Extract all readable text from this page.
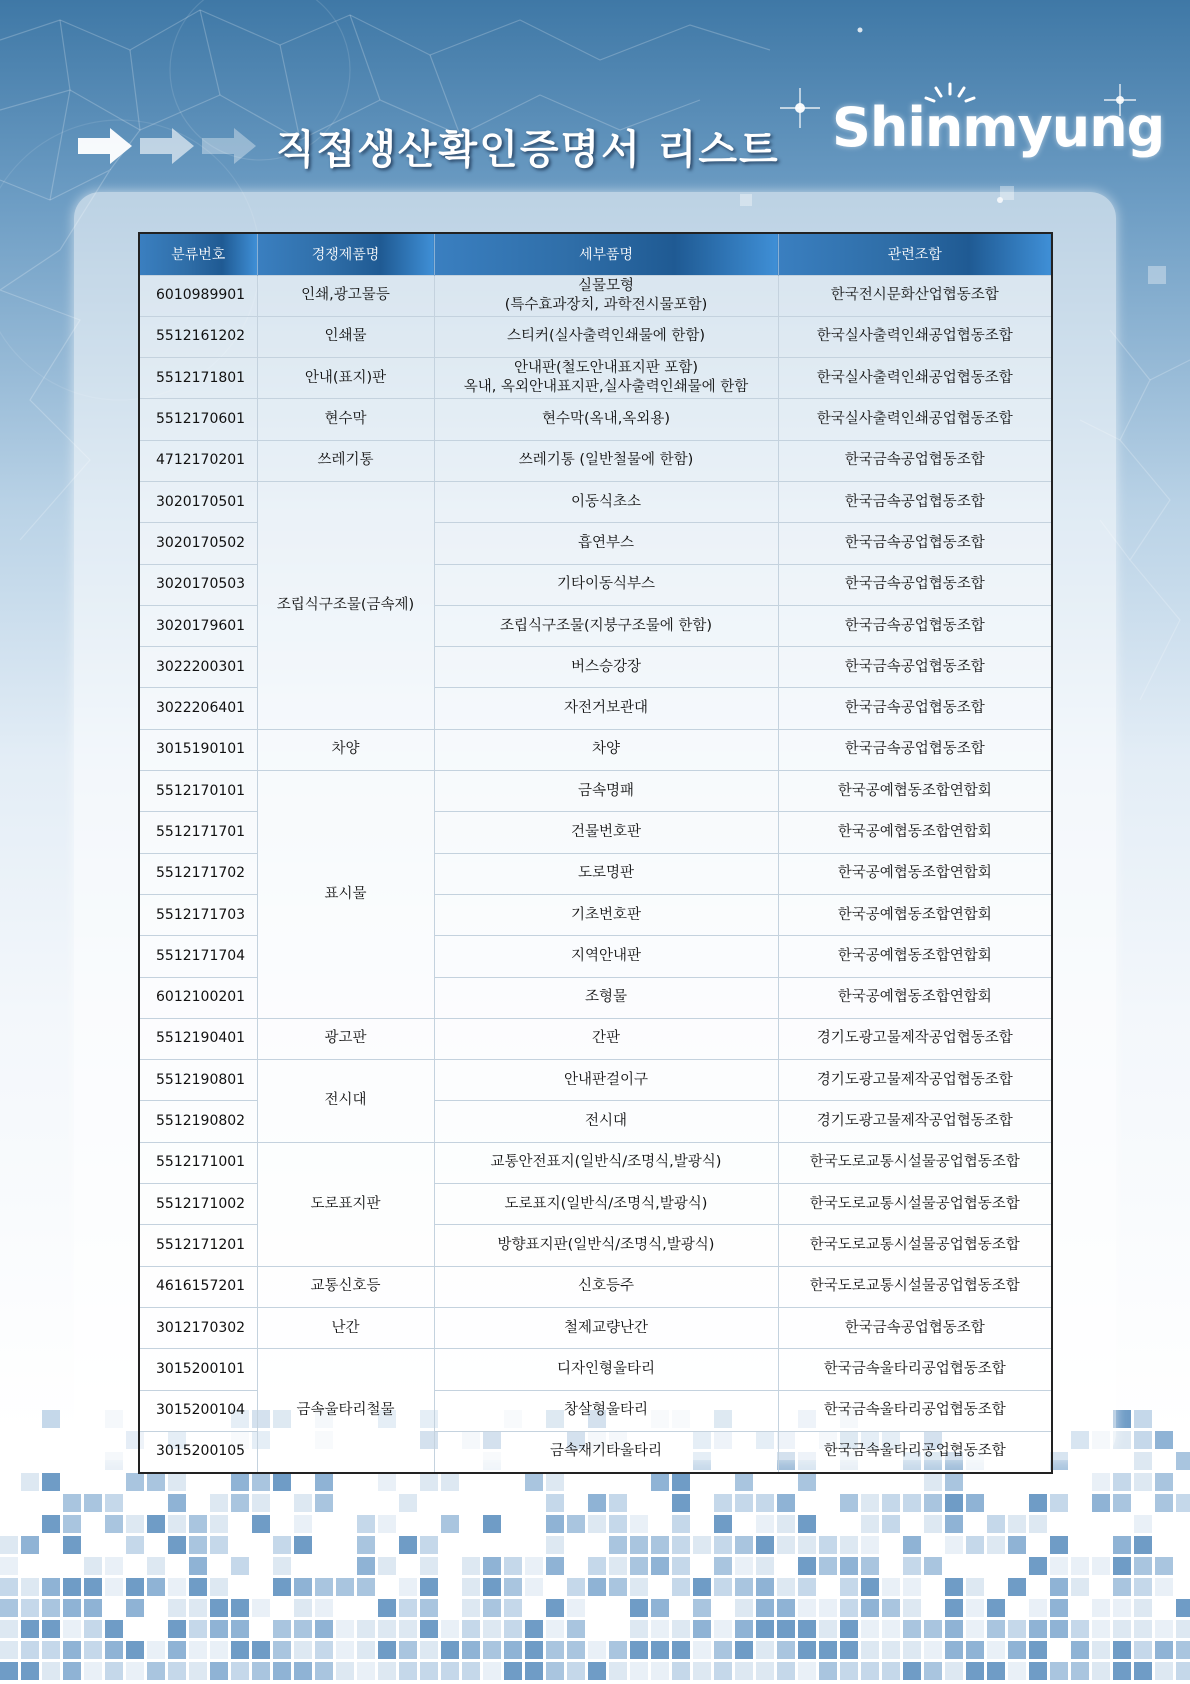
직접생산확인증명서 리스트 Shinmyung
분류번호	경쟁제품명	세부품명	관련조합
6010989901	인쇄,광고물등	실물모형
(특수효과장치, 과학전시물포함)	한국전시문화산업협동조합
5512161202	인쇄물	스티커(실사출력인쇄물에 한함)	한국실사출력인쇄공업협동조합
5512171801	안내(표지)판	안내판(철도안내표지판 포함)
옥내, 옥외안내표지판,실사출력인쇄물에 한함	한국실사출력인쇄공업협동조합
5512170601	현수막	현수막(옥내,옥외용)	한국실사출력인쇄공업협동조합
4712170201	쓰레기통	쓰레기통 (일반철물에 한함)	한국금속공업협동조합
3020170501	조립식구조물(금속제)	이동식초소	한국금속공업협동조합
3020170502		흡연부스	한국금속공업협동조합
3020170503		기타이동식부스	한국금속공업협동조합
3020179601		조립식구조물(지붕구조물에 한함)	한국금속공업협동조합
3022200301		버스승강장	한국금속공업협동조합
3022206401		자전거보관대	한국금속공업협동조합
3015190101	차양	차양	한국금속공업협동조합
5512170101	표시물	금속명패	한국공예협동조합연합회
5512171701		건물번호판	한국공예협동조합연합회
5512171702		도로명판	한국공예협동조합연합회
5512171703		기초번호판	한국공예협동조합연합회
5512171704		지역안내판	한국공예협동조합연합회
6012100201		조형물	한국공예협동조합연합회
5512190401	광고판	간판	경기도광고물제작공업협동조합
5512190801	전시대	안내판걸이구	경기도광고물제작공업협동조합
5512190802		전시대	경기도광고물제작공업협동조합
5512171001	도로표지판	교통안전표지(일반식/조명식,발광식)	한국도로교통시설물공업협동조합
5512171002		도로표지(일반식/조명식,발광식)	한국도로교통시설물공업협동조합
5512171201		방향표지판(일반식/조명식,발광식)	한국도로교통시설물공업협동조합
4616157201	교통신호등	신호등주	한국도로교통시설물공업협동조합
3012170302	난간	철제교량난간	한국금속공업협동조합
3015200101	금속울타리철물	디자인형울타리	한국금속울타리공업협동조합
3015200104		창살형울타리	한국금속울타리공업협동조합
3015200105		금속재기타울타리	한국금속울타리공업협동조합
